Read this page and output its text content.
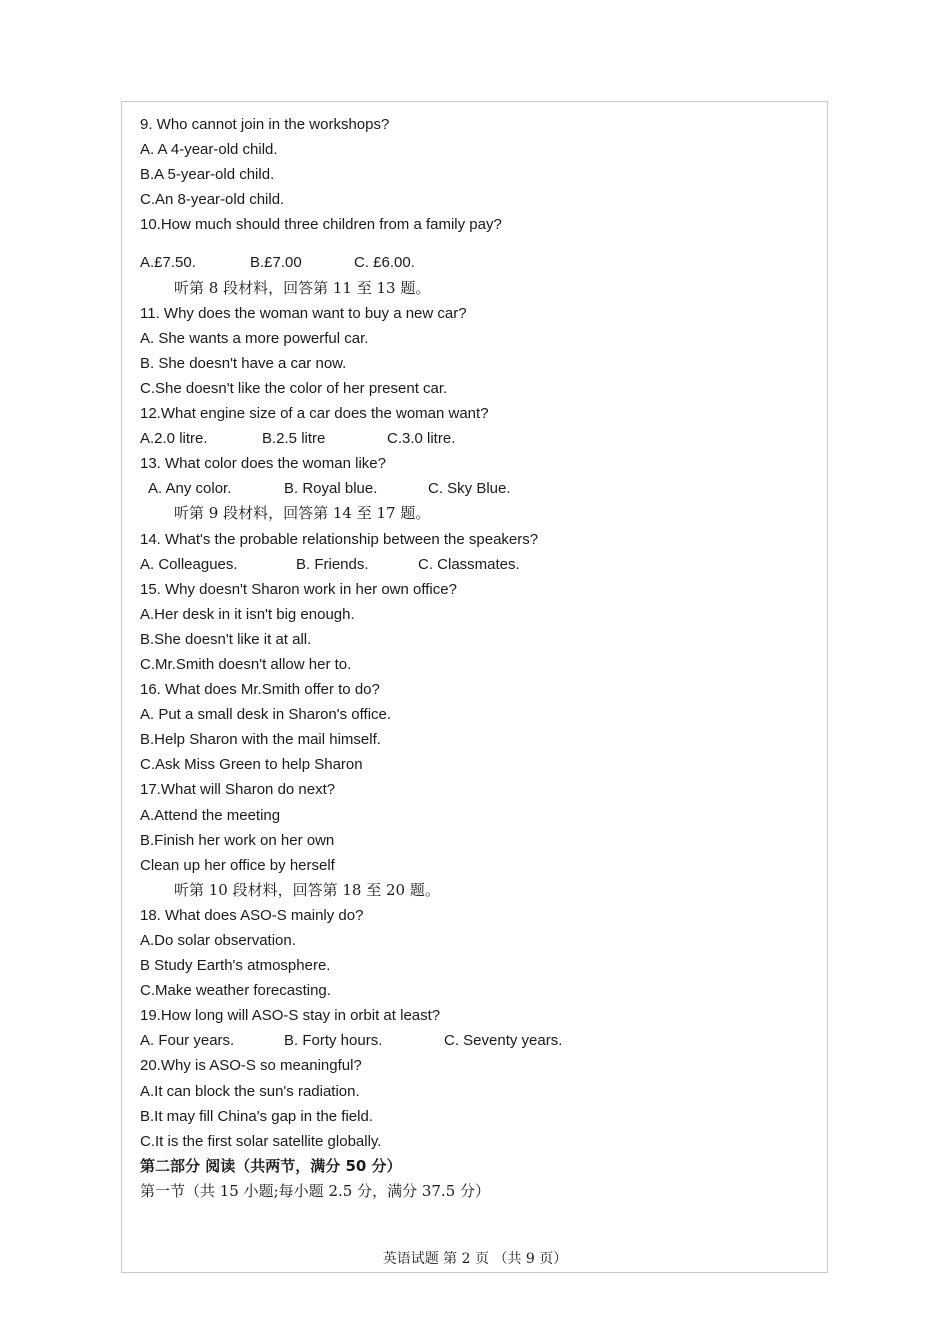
9. Who cannot join in the workshops?
A. A 4-year-old child.
B.A 5-year-old child.
C.An 8-year-old child.
10.How much should three children from a family pay?
A.£7.50.	B.£7.00	C. £6.00.
听第 8 段材料，回答第 11 至 13 题。
11. Why does the woman want to buy a new car?
A. She wants a more powerful car.
B. She doesn't have a car now.
C.She doesn't like the color of her present car.
12.What engine size of a car does the woman want?
A.2.0 litre.	B.2.5 litre	C.3.0 litre.
13. What color does the woman like?
A. Any color.	B. Royal blue.	C. Sky Blue.
听第 9 段材料，回答第 14 至 17 题。
14. What's the probable relationship between the speakers?
A. Colleagues.	B. Friends.	C. Classmates.
15. Why doesn't Sharon work in her own office?
A.Her desk in it isn't big enough.
B.She doesn't like it at all.
C.Mr.Smith doesn't allow her to.
16. What does Mr.Smith offer to do?
A. Put a small desk in Sharon's office.
B.Help Sharon with the mail himself.
C.Ask Miss Green to help Sharon
17.What will Sharon do next?
A.Attend the meeting
B.Finish her work on her own
Clean up her office by herself
听第 10 段材料，回答第 18 至 20 题。
18. What does ASO-S mainly do?
A.Do solar observation.
B Study Earth's atmosphere.
C.Make weather forecasting.
19.How long will ASO-S stay in orbit at least?
A. Four years.	B. Forty hours.	C. Seventy years.
20.Why is ASO-S so meaningful?
A.It can block the sun's radiation.
B.It may fill China's gap in the field.
C.It is the first solar satellite globally.
第二部分 阅读（共两节，满分 50 分）
第一节（共 15 小题;每小题 2.5 分，满分 37.5 分）
英语试题 第 2 页 （共 9 页）
